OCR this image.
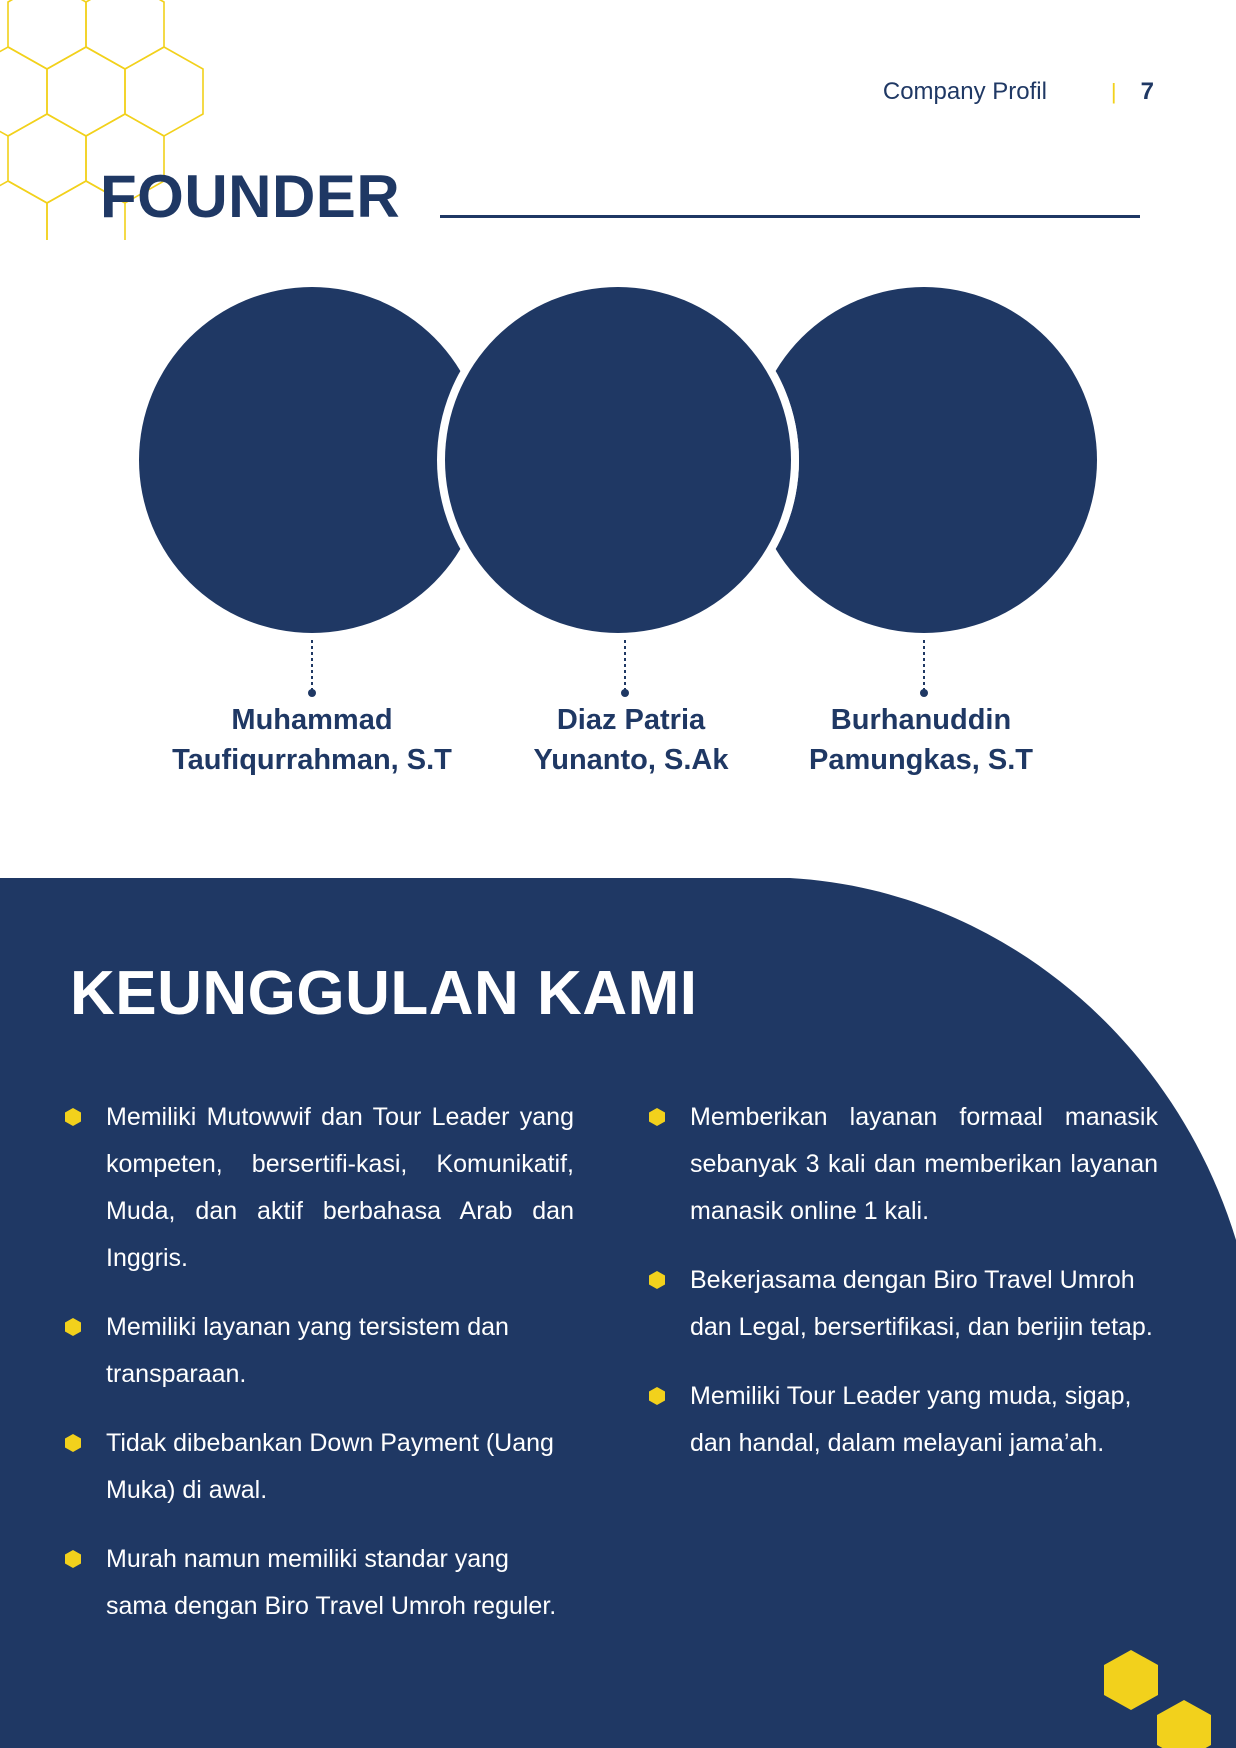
Company Profil	| 7
FOUNDER
Muhammad
Taufiqurrahman, S.T
Diaz Patria
Yunanto, S.Ak
Burhanuddin
Pamungkas, S.T
KEUNGGULAN KAMI
Memiliki Mutowwif dan Tour Leader yang kompeten, bersertifi-kasi, Komunikatif, Muda, dan aktif berbahasa Arab dan Inggris.
Memiliki layanan yang tersistem dan transparaan.
Tidak dibebankan Down Payment (Uang Muka) di awal.
Murah namun memiliki standar yang sama dengan Biro Travel Umroh reguler.
Memberikan layanan formaal manasik sebanyak 3 kali dan memberikan layanan manasik online 1 kali.
Bekerjasama dengan Biro Travel Umroh dan Legal, bersertifikasi, dan berijin tetap.
Memiliki Tour Leader yang muda, sigap, dan handal, dalam melayani jama’ah.
